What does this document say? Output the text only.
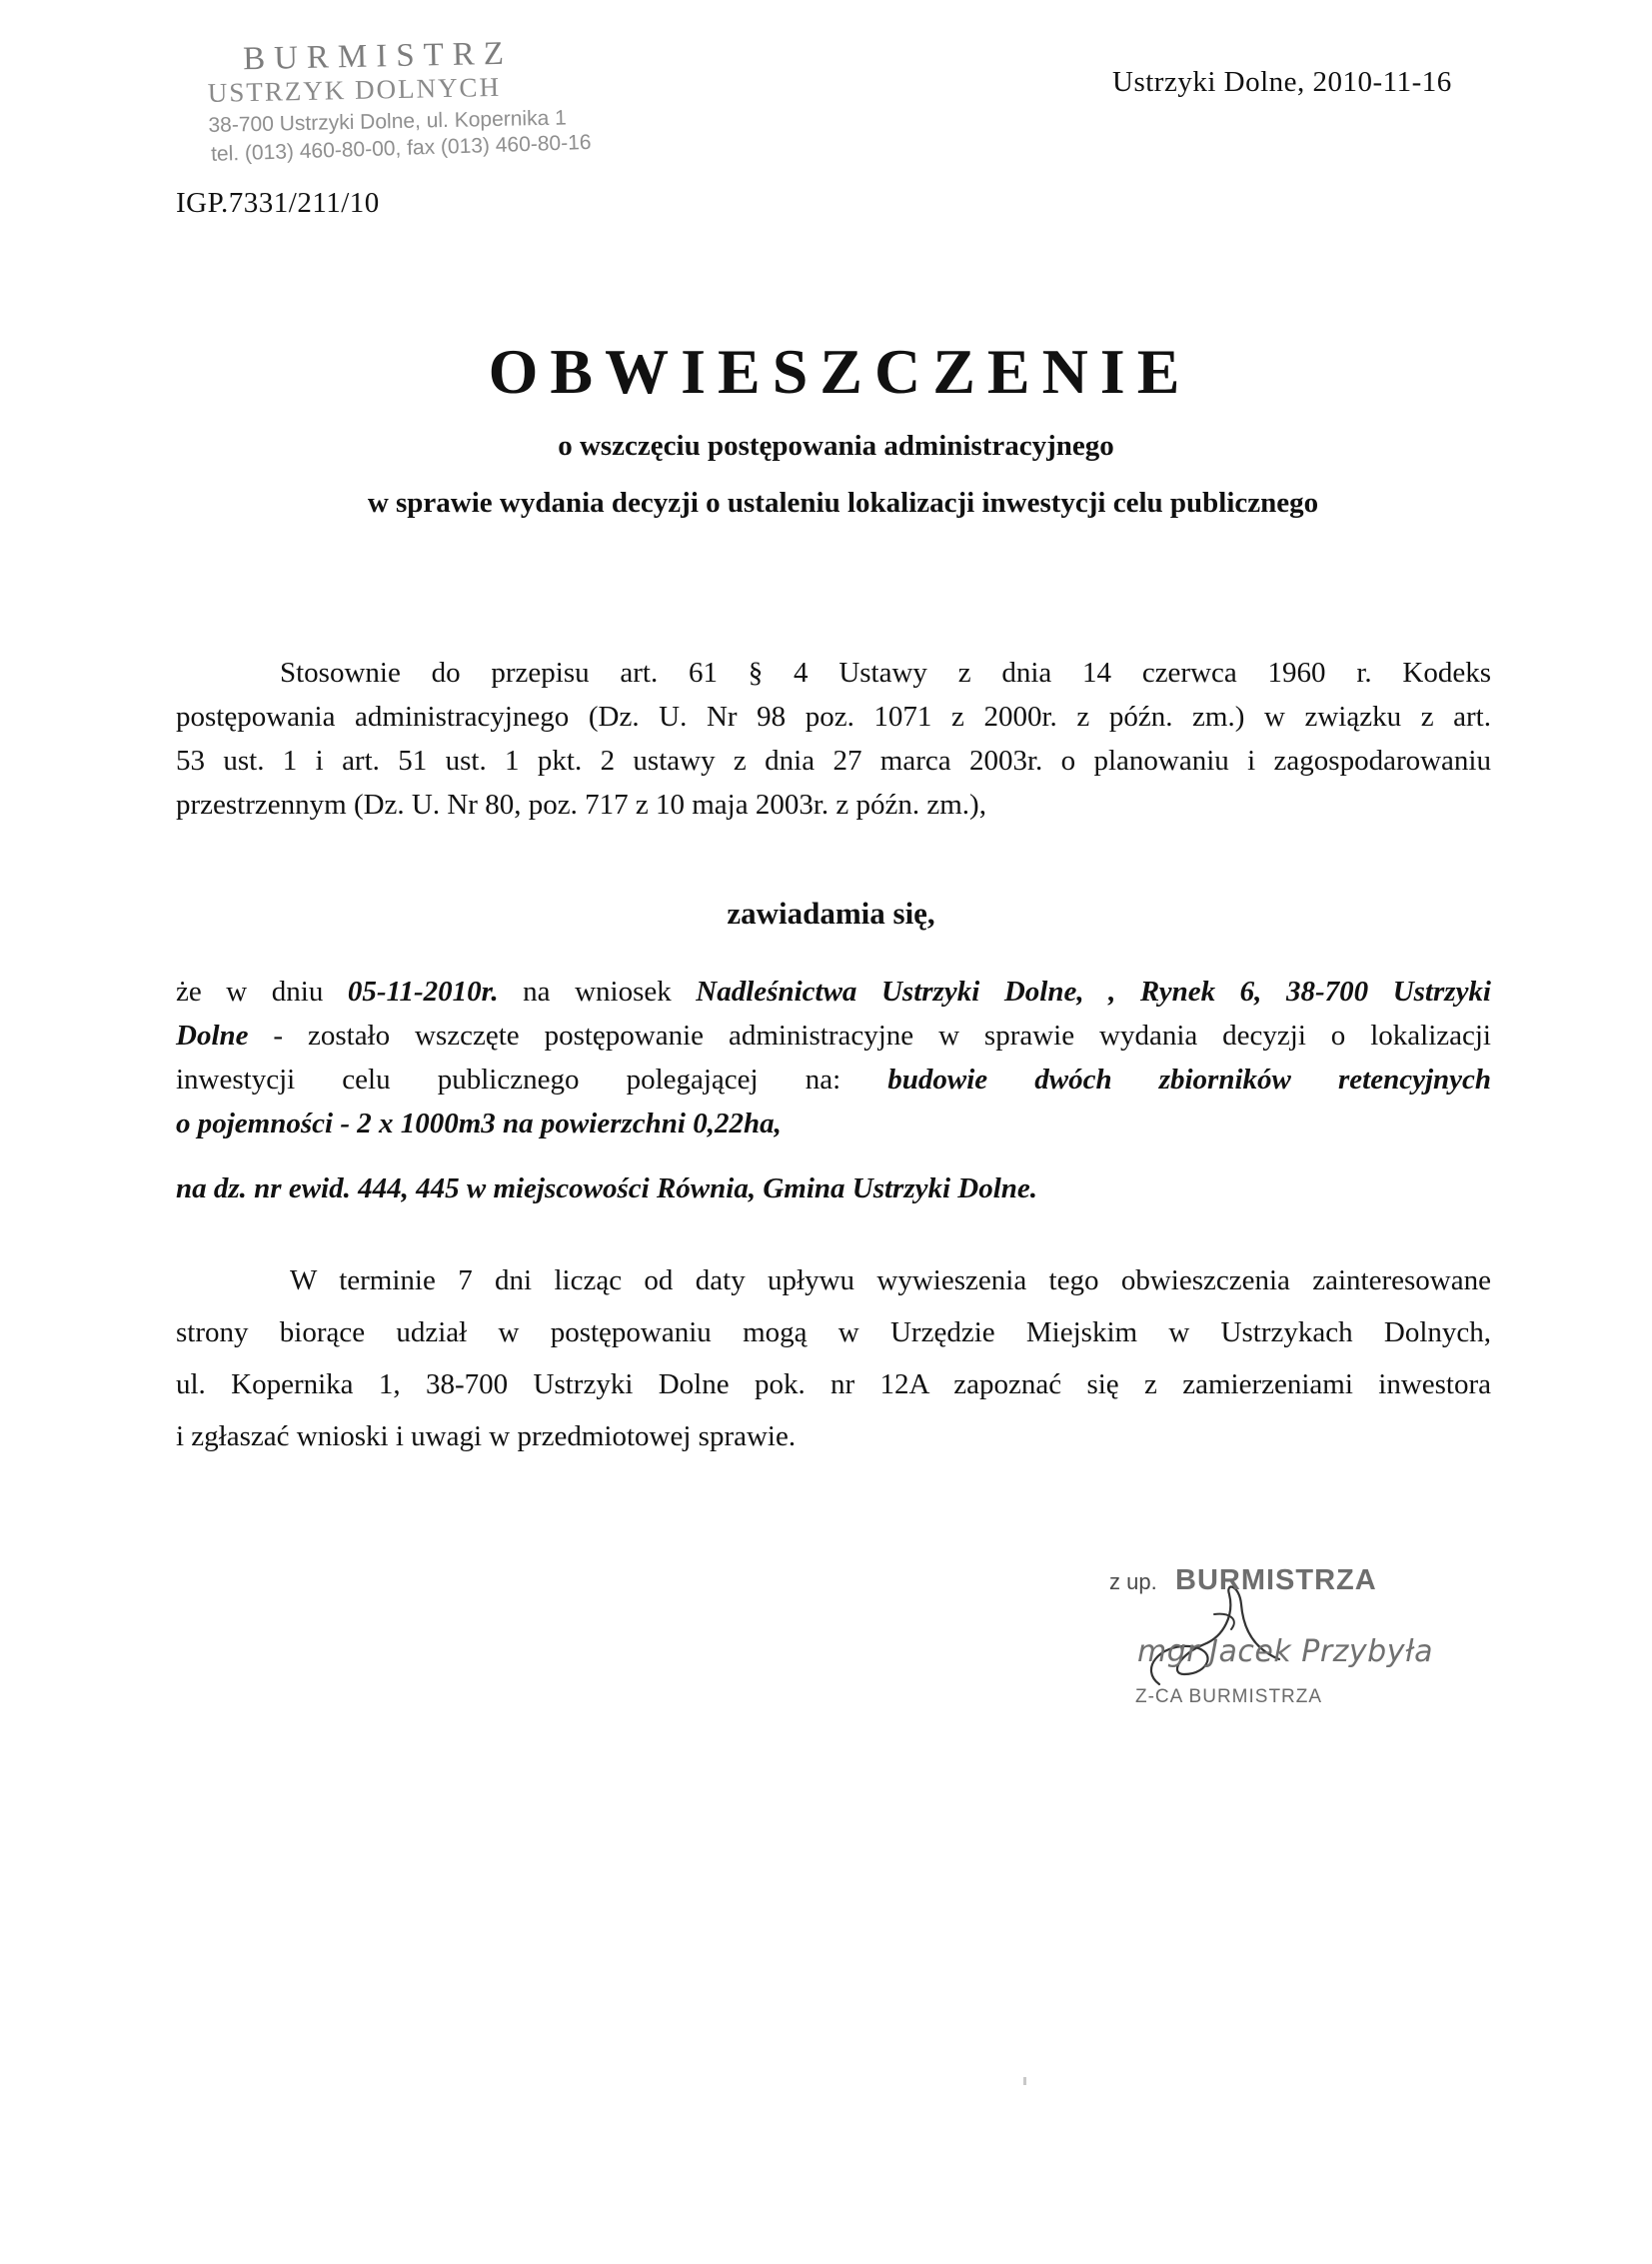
BURMISTRZ
USTRZYK DOLNYCH
38-700 Ustrzyki Dolne, ul. Kopernika 1
tel. (013) 460-80-00, fax (013) 460-80-16
Ustrzyki Dolne, 2010-11-16
IGP.7331/211/10
OBWIESZCZENIE
o wszczęciu postępowania administracyjnego
w sprawie wydania decyzji o ustaleniu lokalizacji inwestycji celu publicznego
Stosownie do przepisu art. 61 § 4 Ustawy z dnia 14 czerwca 1960 r. Kodeks
postępowania administracyjnego (Dz. U. Nr 98 poz. 1071 z 2000r. z późn. zm.) w związku z art.
53 ust. 1 i art. 51 ust. 1 pkt. 2 ustawy z dnia 27 marca 2003r. o planowaniu i zagospodarowaniu
przestrzennym (Dz. U. Nr 80, poz. 717 z 10 maja 2003r. z późn. zm.),
zawiadamia się,
że w dniu 05-11-2010r. na wniosek Nadleśnictwa Ustrzyki Dolne, , Rynek 6, 38-700 Ustrzyki
Dolne - zostało wszczęte postępowanie administracyjne w sprawie wydania decyzji o lokalizacji
inwestycji celu publicznego polegającej na: budowie dwóch zbiorników retencyjnych
o pojemności - 2 x 1000m3 na powierzchni 0,22ha,
na dz. nr ewid. 444, 445 w miejscowości Równia, Gmina Ustrzyki Dolne.
W terminie 7 dni licząc od daty upływu wywieszenia tego obwieszczenia zainteresowane
strony biorące udział w postępowaniu mogą w Urzędzie Miejskim w Ustrzykach Dolnych,
ul. Kopernika 1, 38-700 Ustrzyki Dolne pok. nr 12A zapoznać się z zamierzeniami inwestora
i zgłaszać wnioski i uwagi w przedmiotowej sprawie.
z up. BURMISTRZA
mgr Jacek Przybyła
Z-CA BURMISTRZA
